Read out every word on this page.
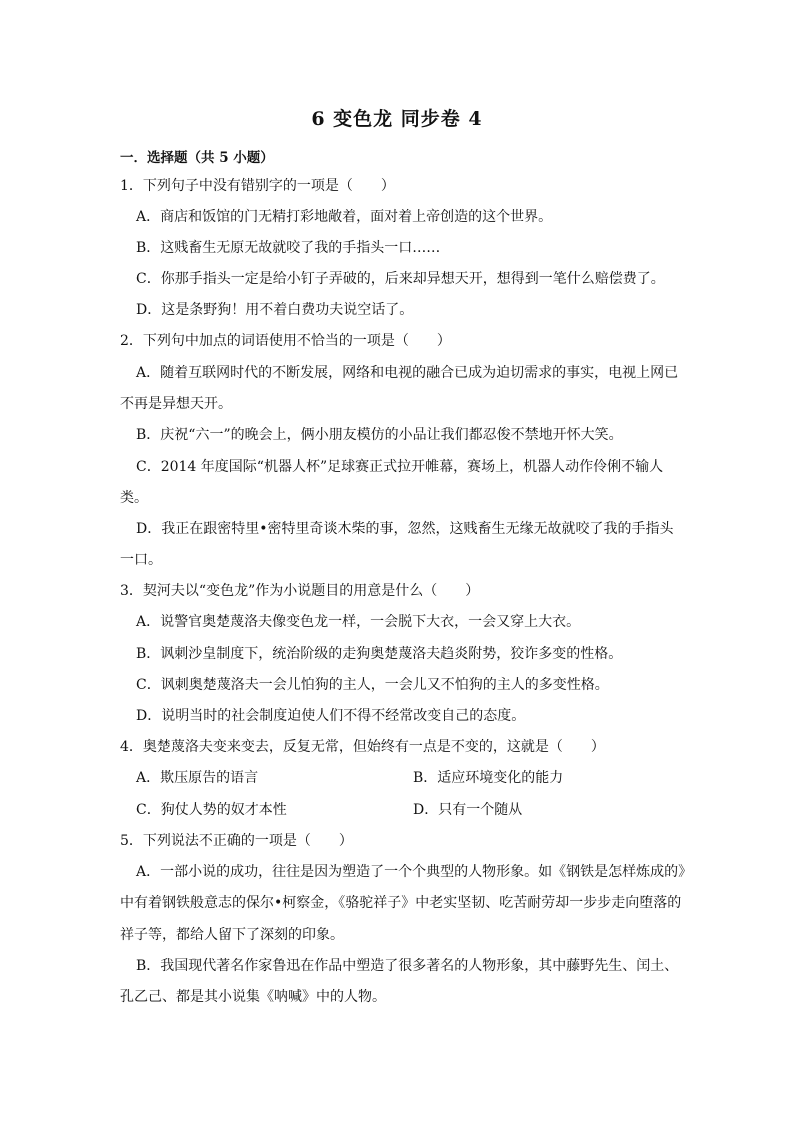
6 变色龙 同步卷 4
一．选择题（共 5 小题）
1．下列句子中没有错别字的一项是（　　）
A．商店和饭馆的门无精打彩地敞着，面对着上帝创造的这个世界。
B．这贱畜生无原无故就咬了我的手指头一口……
C．你那手指头一定是给小钉子弄破的，后来却异想天开，想得到一笔什么赔偿费了。
D．这是条野狗！用不着白费功夫说空话了。
2．下列句中加点的词语使用不恰当的一项是（　　）
A．随着互联网时代的不断发展，网络和电视的融合已成为迫切需求的事实，电视上网已
不再是异想天开。
B．庆祝“六一”的晚会上，俩小朋友模仿的小品让我们都忍俊不禁地开怀大笑。
C．2014 年度国际“机器人杯”足球赛正式拉开帷幕，赛场上，机器人动作伶俐不输人
类。
D．我正在跟密特里•密特里奇谈木柴的事，忽然，这贱畜生无缘无故就咬了我的手指头
一口。
3．契河夫以“变色龙”作为小说题目的用意是什么（　　）
A．说警官奥楚蔑洛夫像变色龙一样，一会脱下大衣，一会又穿上大衣。
B．讽刺沙皇制度下，统治阶级的走狗奥楚蔑洛夫趋炎附势，狡诈多变的性格。
C．讽刺奥楚蔑洛夫一会儿怕狗的主人，一会儿又不怕狗的主人的多变性格。
D．说明当时的社会制度迫使人们不得不经常改变自己的态度。
4．奥楚蔑洛夫变来变去，反复无常，但始终有一点是不变的，这就是（　　）
A．欺压原告的语言	B．适应环境变化的能力
C．狗仗人势的奴才本性	D．只有一个随从
5．下列说法不正确的一项是（　　）
A．一部小说的成功，往往是因为塑造了一个个典型的人物形象。如《钢铁是怎样炼成的》
中有着钢铁般意志的保尔•柯察金，《骆驼祥子》中老实坚韧、吃苦耐劳却一步步走向堕落的
祥子等，都给人留下了深刻的印象。
B．我国现代著名作家鲁迅在作品中塑造了很多著名的人物形象，其中藤野先生、闰土、
孔乙己、都是其小说集《呐喊》中的人物。
